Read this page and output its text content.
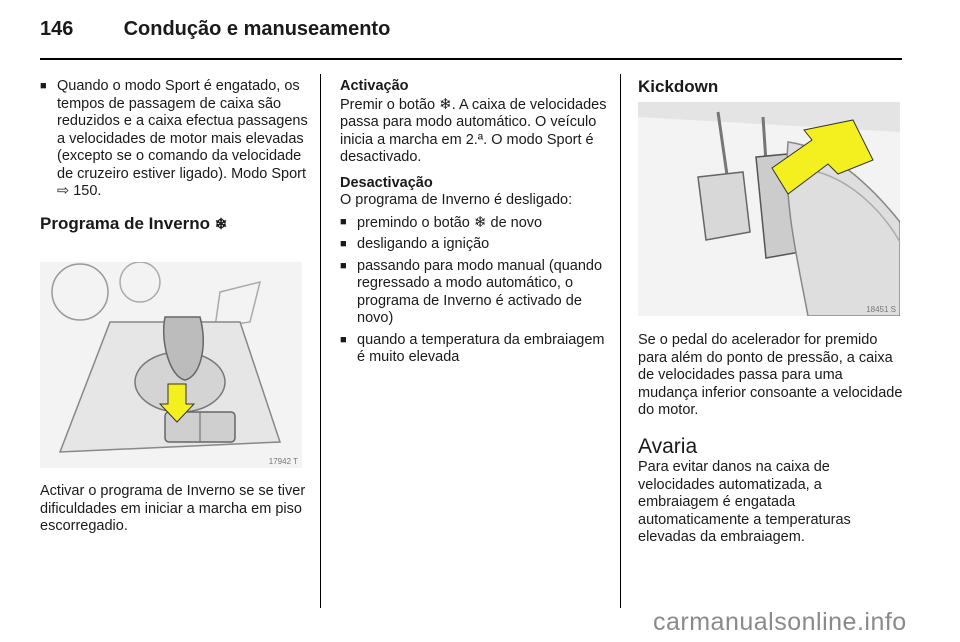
146	Condução e manuseamento
■ Quando o modo Sport é engatado, os tempos de passagem de caixa são reduzidos e a caixa efectua passagens a velocidades de motor mais elevadas (excepto se o comando da velocidade de cruzeiro estiver ligado). Modo Sport ⇨ 150.

Programa de Inverno ❄

17942 T

Activar o programa de Inverno se se tiver dificuldades em iniciar a marcha em piso escorregadio.

Activação

Premir o botão ❄. A caixa de velocidades passa para modo automático. O veículo inicia a marcha em 2.ª. O modo Sport é desactivado.

Desactivação

O programa de Inverno é desligado:

■ premindo o botão ❄ de novo
■ desligando a ignição
■ passando para modo manual (quando regressado a modo automático, o programa de Inverno é activado de novo)
■ quando a temperatura da embraiagem é muito elevada

Kickdown

18451 S

Se o pedal do acelerador for premido para além do ponto de pressão, a caixa de velocidades passa para uma mudança inferior consoante a velocidade do motor.

Avaria

Para evitar danos na caixa de velocidades automatizada, a embraiagem é engatada automaticamente a temperaturas elevadas da embraiagem.

carmanualsonline.info
